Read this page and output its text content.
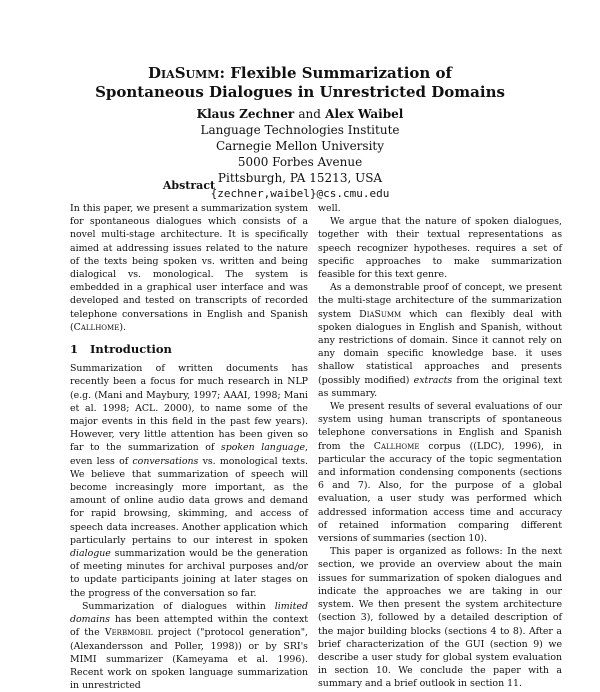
DiaSumm: Flexible Summarization of
Spontaneous Dialogues in Unrestricted Domains
Klaus Zechner and Alex Waibel
Language Technologies Institute
Carnegie Mellon University
5000 Forbes Avenue
Pittsburgh, PA 15213, USA
{zechner,waibel}@cs.cmu.edu
Abstract

In this paper, we present a summarization system for spontaneous dialogues which consists of a novel multi-stage architecture. It is specifically aimed at addressing issues related to the nature of the texts being spoken vs. written and being dialogical vs. monological. The system is embedded in a graphical user interface and was developed and tested on transcripts of recorded telephone conversations in English and Spanish (Callhome).

1 Introduction

Summarization of written documents has recently been a focus for much research in NLP (e.g. (Mani and Maybury, 1997; AAAI, 1998; Mani et al. 1998; ACL. 2000), to name some of the major events in this field in the past few years). However, very little attention has been given so far to the summarization of spoken language, even less of conversations vs. monological texts. We believe that summarization of speech will become increasingly more important, as the amount of online audio data grows and demand for rapid browsing, skimming, and access of speech data increases. Another application which particularly pertains to our interest in spoken dialogue summarization would be the generation of meeting minutes for archival purposes and/or to update participants joining at later stages on the progress of the conversation so far.

Summarization of dialogues within limited domains has been attempted within the context of the Verbmobil project ("protocol generation", (Alexandersson and Poller, 1998)) or by SRI's MIMI summarizer (Kameyama et al. 1996). Recent work on spoken language summarization in unrestricted

well.

We argue that the nature of spoken dialogues, together with their textual representations as speech recognizer hypotheses. requires a set of specific approaches to make summarization feasible for this text genre.

As a demonstrable proof of concept, we present the multi-stage architecture of the summarization system DiaSumm which can flexibly deal with spoken dialogues in English and Spanish, without any restrictions of domain. Since it cannot rely on any domain specific knowledge base. it uses shallow statistical approaches and presents (possibly modified) extracts from the original text as summary.

We present results of several evaluations of our system using human transcripts of spontaneous telephone conversations in English and Spanish from the Callhome corpus ((LDC), 1996), in particular the accuracy of the topic segmentation and information condensing components (sections 6 and 7). Also, for the purpose of a global evaluation, a user study was performed which addressed information access time and accuracy of retained information comparing different versions of summaries (section 10).

This paper is organized as follows: In the next section, we provide an overview about the main issues for summarization of spoken dialogues and indicate the approaches we are taking in our system. We then present the system architecture (section 3), followed by a detailed description of the major building blocks (sections 4 to 8). After a brief characterization of the GUI (section 9) we describe a user study for global system evaluation in section 10. We conclude the paper with a summary and a brief outlook in section 11.
